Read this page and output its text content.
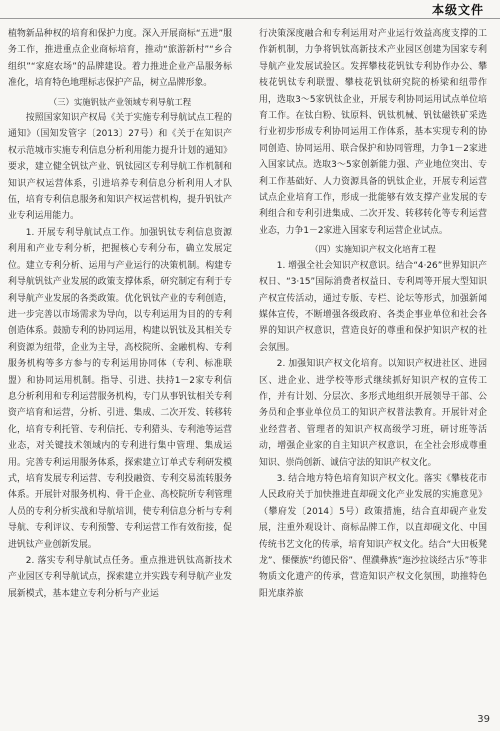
本级文件

植物新品种权的培育和保护力度。深入开展商标“五进”服务工作，推进重点企业商标培育，推动“旅游新村”“乡合组织”“家庭农场”的品牌建设。着力推进企业产品服务标准化，培育特色地理标志保护产品，树立品牌形象。

（三）实施钒钛产业领域专利导航工程

按照国家知识产权局《关于实施专利导航试点工程的通知》（国知发管字〔2013〕27号）和《关于在知识产权示范城市实施专利信息分析利用能力提升计划的通知》要求，建立健全钒钛产业、钒钛园区专利导航工作机制和知识产权运营体系，引进培养专利信息分析利用人才队伍，培育专利信息服务和知识产权运营机构，提升钒钛产业专利运用能力。

1. 开展专利导航试点工作。加强钒钛专利信息资源利用和产业专利分析，把握核心专利分布，确立发展定位。建立专利分析、运用与产业运行的决策机制。构建专利导航钒钛产业发展的政策支撑体系，研究制定有利于专利导航产业发展的各类政策。优化钒钛产业的专利创造，进一步完善以市场需求为导向，以专利运用为目的的专利创造体系。鼓励专利的协同运用，构建以钒钛及其相关专利资源为纽带，企业为主导，高校院所、金融机构、专利服务机构等多方参与的专利运用协同体（专利、标准联盟）和协同运用机制。指导、引进、扶持1－2家专利信息分析利用和专利运营服务机构，专门从事钒钛相关专利资产培育和运营，分析、引进、集成、二次开发、转移转化，培育专利托管、专利信托、专利猎头、专利池等运营业态，对关键技术领域内的专利进行集中管理、集成运用。完善专利运用服务体系，探索建立订单式专利研发模式，培育发展专利运营、专利投融资、专利交易流转服务体系。开展针对服务机构、骨干企业、高校院所专利管理人员的专利分析实战和导航培训，使专利信息分析与专利导航、专利评议、专利预警、专利运营工作有效衔接，促进钒钛产业创新发展。

2. 落实专利导航试点任务。重点推进钒钛高新技术产业园区专利导航试点，探索建立并实践专利导航产业发展新模式，基本建立专利分析与产业运

行决策深度融合和专利运用对产业运行效益高度支撑的工作新机制，力争将钒钛高新技术产业园区创建为国家专利导航产业发展试验区。发挥攀枝花钒钛专利协作办公、攀枝花钒钛专利联盟、攀枝花钒钛研究院的桥梁和纽带作用，选取3～5家钒钛企业，开展专利协同运用试点单位培育工作。在钛白粉、钛原料、钒钛机械、钒钛磁铁矿采选行业初步形成专利协同运用工作体系，基本实现专利的协同创造、协同运用、联合保护和协同管理，力争1－2家进入国家试点。选取3～5家创新能力强、产业地位突出、专利工作基础好、人力资源具备的钒钛企业，开展专利运营试点企业培育工作，形成一批能够有效支撑产业发展的专利组合和专利引进集成、二次开发、转移转化等专利运营业态，力争1－2家进入国家专利运营企业试点。

（四）实施知识产权文化培育工程

1. 增强全社会知识产权意识。结合“4·26”世界知识产权日、“3·15”国际消费者权益日、专利周等开展大型知识产权宣传活动，通过专版、专栏、论坛等形式，加强新闻媒体宣传，不断增强各级政府、各类企事业单位和社会各界的知识产权意识，营造良好的尊重和保护知识产权的社会氛围。

2. 加强知识产权文化培育。以知识产权进社区、进园区、进企业、进学校等形式继续抓好知识产权的宣传工作，并有计划、分层次、多形式地组织开展领导干部、公务员和企事业单位员工的知识产权普法教育。开展针对企业经营者、管理者的知识产权高级学习班，研讨班等活动，增强企业家的自主知识产权意识，在全社会形成尊重知识、崇尚创新、诚信守法的知识产权文化。

3. 结合地方特色培育知识产权文化。落实《攀枝花市人民政府关于加快推进直却砚文化产业发展的实施意见》（攀府发〔2014〕5号）政策措施，结合直却砚产业发展，注重外观设计、商标品牌工作，以直却砚文化、中国传统书艺文化的传承，培育知识产权文化。结合“大田板凳龙”、傈僳族“约德民俗”、俚濮彝族“迤沙拉谈经古乐”等非物质文化遗产的传承，营造知识产权文化氛围，助推特色阳光康养旅

39
